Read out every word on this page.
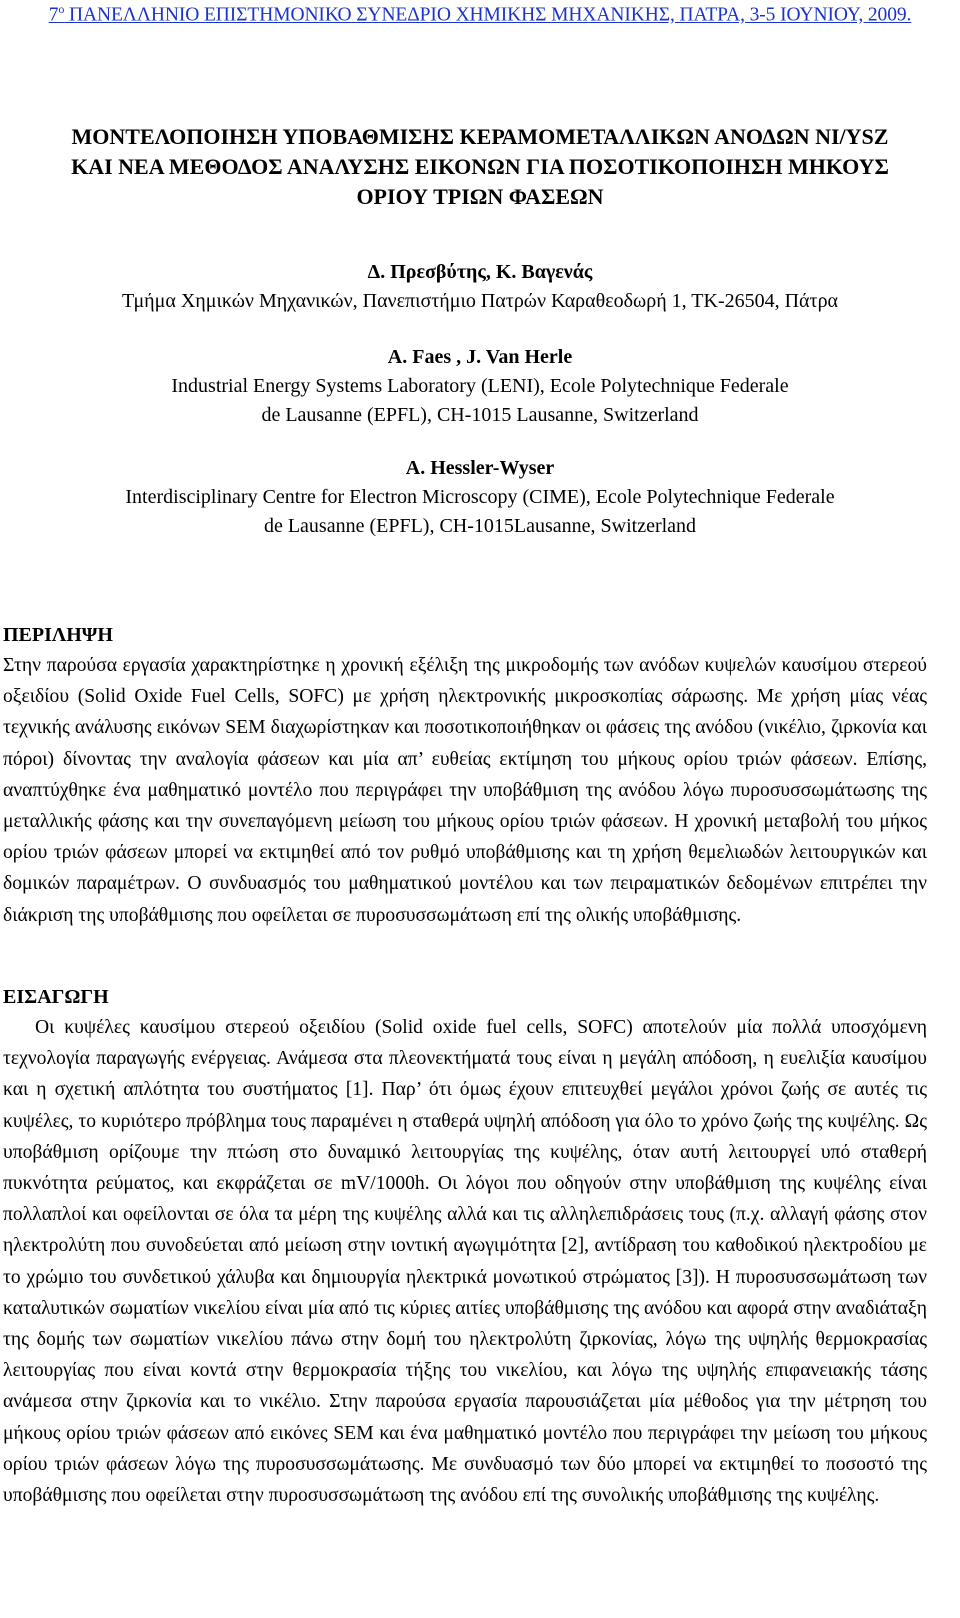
$7^o$ ΠΑΝΕΛΛΗΝΙΟ ΕΠΙΣΤΗΜΟΝΙΚΟ ΣΥΝΕΔΡΙΟ ΧΗΜΙΚΗΣ ΜΗΧΑΝΙΚΗΣ, ΠΑΤΡΑ, 3-5 ΙΟΥΝΙΟΥ, 2009.
ΜΟΝΤΕΛΟΠΟΙΗΣΗ ΥΠΟΒΑΘΜΙΣΗΣ ΚΕΡΑΜΟΜΕΤΑΛΛΙΚΩΝ ΑΝΟΔΩΝ NI/YSZ
ΚΑΙ ΝΕΑ ΜΕΘΟΔΟΣ ΑΝΑΛΥΣΗΣ ΕΙΚΟΝΩΝ ΓΙΑ ΠΟΣΟΤΙΚΟΠΟΙΗΣΗ ΜΗΚΟΥΣ
ΟΡΙΟΥ ΤΡΙΩΝ ΦΑΣΕΩΝ
Δ. Πρεσβύτης, Κ. Βαγενάς
Τμήμα Χημικών Μηχανικών, Πανεπιστήμιο Πατρών Καραθεοδωρή 1, ΤΚ-26504, Πάτρα
A. Faes , J. Van Herle
Industrial Energy Systems Laboratory (LENI), Ecole Polytechnique Federale
de Lausanne (EPFL), CH-1015 Lausanne, Switzerland
A. Hessler-Wyser
Interdisciplinary Centre for Electron Microscopy (CIME), Ecole Polytechnique Federale
de Lausanne (EPFL), CH-1015Lausanne, Switzerland
ΠΕΡΙΛΗΨΗ

Στην παρούσα εργασία χαρακτηρίστηκε η χρονική εξέλιξη της μικροδομής των ανόδων κυψελών καυσίμου στερεού οξειδίου (Solid Oxide Fuel Cells, SOFC) με χρήση ηλεκτρονικής μικροσκοπίας σάρωσης. Με χρήση μίας νέας τεχνικής ανάλυσης εικόνων SEM διαχωρίστηκαν και ποσοτικοποιήθηκαν οι φάσεις της ανόδου (νικέλιο, ζιρκονία και πόροι) δίνοντας την αναλογία φάσεων και μία απ’ ευθείας εκτίμηση του μήκους ορίου τριών φάσεων. Επίσης, αναπτύχθηκε ένα μαθηματικό μοντέλο που περιγράφει την υποβάθμιση της ανόδου λόγω πυροσυσσωμάτωσης της μεταλλικής φάσης και την συνεπαγόμενη μείωση του μήκους ορίου τριών φάσεων. Η χρονική μεταβολή του μήκος ορίου τριών φάσεων μπορεί να εκτιμηθεί από τον ρυθμό υποβάθμισης και τη χρήση θεμελιωδών λειτουργικών και δομικών παραμέτρων. Ο συνδυασμός του μαθηματικού μοντέλου και των πειραματικών δεδομένων επιτρέπει την διάκριση της υποβάθμισης που οφείλεται σε πυροσυσσωμάτωση επί της ολικής υποβάθμισης.

ΕΙΣΑΓΩΓΗ

Οι κυψέλες καυσίμου στερεού οξειδίου (Solid oxide fuel cells, SOFC) αποτελούν μία πολλά υποσχόμενη τεχνολογία παραγωγής ενέργειας. Ανάμεσα στα πλεονεκτήματά τους είναι η μεγάλη απόδοση, η ευελιξία καυσίμου και η σχετική απλότητα του συστήματος [1]. Παρ’ ότι όμως έχουν επιτευχθεί μεγάλοι χρόνοι ζωής σε αυτές τις κυψέλες, το κυριότερο πρόβλημα τους παραμένει η σταθερά υψηλή απόδοση για όλο το χρόνο ζωής της κυψέλης. Ως υποβάθμιση ορίζουμε την πτώση στο δυναμικό λειτουργίας της κυψέλης, όταν αυτή λειτουργεί υπό σταθερή πυκνότητα ρεύματος, και εκφράζεται σε mV/1000h. Οι λόγοι που οδηγούν στην υποβάθμιση της κυψέλης είναι πολλαπλοί και οφείλονται σε όλα τα μέρη της κυψέλης αλλά και τις αλληλεπιδράσεις τους (π.χ. αλλαγή φάσης στον ηλεκτρολύτη που συνοδεύεται από μείωση στην ιοντική αγωγιμότητα [2], αντίδραση του καθοδικού ηλεκτροδίου με το χρώμιο του συνδετικού χάλυβα και δημιουργία ηλεκτρικά μονωτικού στρώματος [3]). Η πυροσυσσωμάτωση των καταλυτικών σωματίων νικελίου είναι μία από τις κύριες αιτίες υποβάθμισης της ανόδου και αφορά στην αναδιάταξη της δομής των σωματίων νικελίου πάνω στην δομή του ηλεκτρολύτη ζιρκονίας, λόγω της υψηλής θερμοκρασίας λειτουργίας που είναι κοντά στην θερμοκρασία τήξης του νικελίου, και λόγω της υψηλής επιφανειακής τάσης ανάμεσα στην ζιρκονία και το νικέλιο. Στην παρούσα εργασία παρουσιάζεται μία μέθοδος για την μέτρηση του μήκους ορίου τριών φάσεων από εικόνες SEM και ένα μαθηματικό μοντέλο που περιγράφει την μείωση του μήκους ορίου τριών φάσεων λόγω της πυροσυσσωμάτωσης. Με συνδυασμό των δύο μπορεί να εκτιμηθεί το ποσοστό της υποβάθμισης που οφείλεται στην πυροσυσσωμάτωση της ανόδου επί της συνολικής υποβάθμισης της κυψέλης.
